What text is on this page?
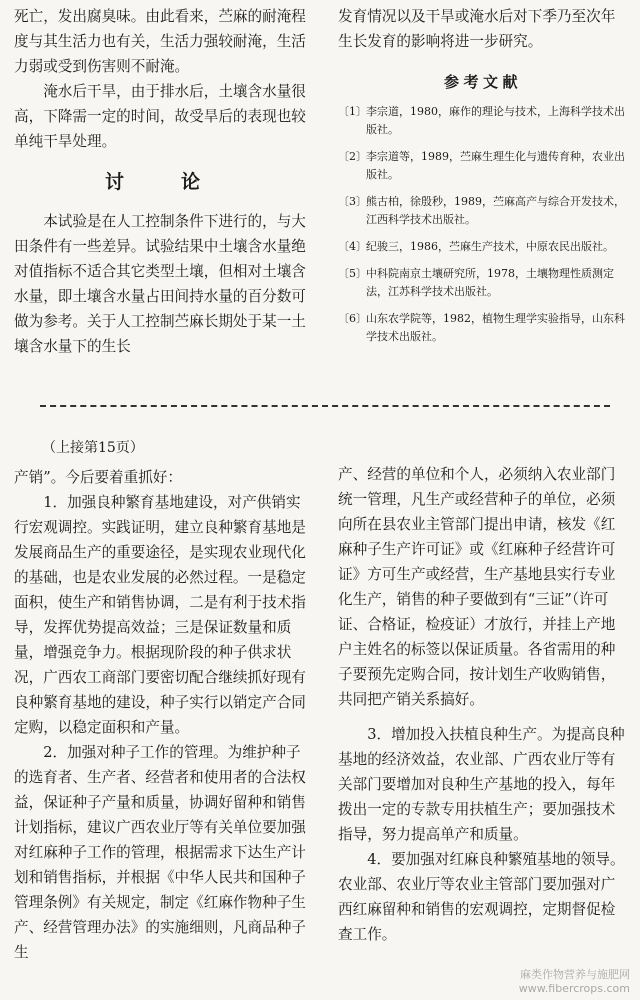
死亡，发出腐臭味。由此看来，苎麻的耐淹程度与其生活力也有关，生活力强较耐淹，生活力弱或受到伤害则不耐淹。

淹水后干旱，由于排水后，土壤含水量很高，下降需一定的时间，故受旱后的表现也较单纯干旱处理。

讨　论

本试验是在人工控制条件下进行的，与大田条件有一些差异。试验结果中土壤含水量绝对值指标不适合其它类型土壤，但相对土壤含水量，即土壤含水量占田间持水量的百分数可做为参考。关于人工控制苎麻长期处于某一土壤含水量下的生长

发育情况以及干旱或淹水后对下季乃至次年生长发育的影响将进一步研究。

参考文献

〔1〕 李宗道，1980，麻作的理论与技术，上海科学技术出版社。
〔2〕 李宗道等，1989，苎麻生理生化与遗传育种，农业出版社。
〔3〕 熊古柏，徐殷秒，1989，苎麻高产与综合开发技术，江西科学技术出版社。
〔4〕 纪骏三，1986，苎麻生产技术，中原农民出版社。
〔5〕 中科院南京土壤研究所，1978，土壤物理性质测定法，江苏科学技术出版社。
〔6〕 山东农学院等，1982，植物生理学实验指导，山东科学技术出版社。

（上接第15页）

产销”。今后要着重抓好：

1．加强良种繁育基地建设，对产供销实行宏观调控。实践证明，建立良种繁育基地是发展商品生产的重要途径，是实现农业现代化的基础，也是农业发展的必然过程。一是稳定面积，使生产和销售协调，二是有利于技术指导，发挥优势提高效益；三是保证数量和质量，增强竞争力。根据现阶段的种子供求状况，广西农工商部门要密切配合继续抓好现有良种繁育基地的建设，种子实行以销定产合同定购，以稳定面积和产量。

2．加强对种子工作的管理。为维护种子的选育者、生产者、经营者和使用者的合法权益，保证种子产量和质量，协调好留种和销售计划指标，建议广西农业厅等有关单位要加强对红麻种子工作的管理，根据需求下达生产计划和销售指标，并根据《中华人民共和国种子管理条例》有关规定，制定《红麻作物种子生产、经营管理办法》的实施细则，凡商品种子生

产、经营的单位和个人，必须纳入农业部门统一管理，凡生产或经营种子的单位，必须向所在县农业主管部门提出申请，核发《红麻种子生产许可证》或《红麻种子经营许可证》方可生产或经营，生产基地县实行专业化生产，销售的种子要做到有“三证”（许可证、合格证，检疫证）才放行，并挂上产地户主姓名的标签以保证质量。各省需用的种子要预先定购合同，按计划生产收购销售，共同把产销关系搞好。

3．增加投入扶植良种生产。为提高良种基地的经济效益，农业部、广西农业厅等有关部门要增加对良种生产基地的投入，每年拨出一定的专款专用扶植生产；要加强技术指导，努力提高单产和质量。

4．要加强对红麻良种繁殖基地的领导。农业部、农业厅等农业主管部门要加强对广西红麻留种和销售的宏观调控，定期督促检查工作。

麻类作物营养与施肥网
www.fibercrops.com
